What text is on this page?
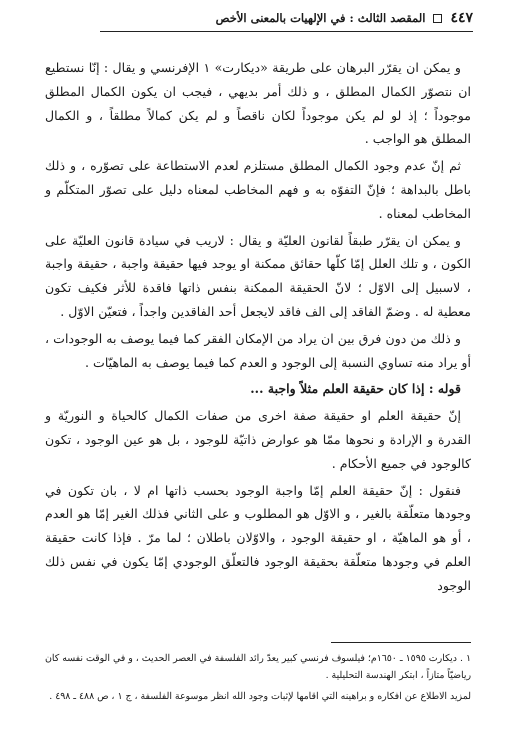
٤٤٧
المقصد الثالث : في الإلهيات بالمعنى الأخص

و يمكن ان يقرّر البرهان على طريقة «ديكارت» ١ الإفرنسي و يقال : إنّا نستطيع ان نتصوّر الكمال المطلق ، و ذلك أمر بديهي ، فيجب ان يكون الكمال المطلق موجوداً ؛ إذ لو لم يكن موجوداً لكان ناقصاً و لم يكن كمالاً مطلقاً ، و الكمال المطلق هو الواجب .

ثم إنّ عدم وجود الكمال المطلق مستلزم لعدم الاستطاعة على تصوّره ، و ذلك باطل بالبداهة ؛ فإنّ التفوّه به و فهم المخاطب لمعناه دليل على تصوّر المتكلّم و المخاطب لمعناه .

و يمكن ان يقرّر طبقاً لقانون العليّة و يقال : لاريب في سيادة قانون العليّة على الكون ، و تلك العلل إمّا كلّها حقائق ممكنة او يوجد فيها حقيقة واجبة ، حقيقة واجبة ، لاسبيل إلى الاوّل ؛ لانّ الحقيقة الممكنة بنفس ذاتها فاقدة للأثر فكيف تكون معطية له . وضمّ الفاقد إلى الف فاقد لايجعل أحد الفاقدين واجداً ، فتعيّن الاوّل .

و ذلك من دون فرق بين ان يراد من الإمكان الفقر كما فيما يوصف به الوجودات ، أو يراد منه تساوي النسبة إلى الوجود و العدم كما فيما يوصف به الماهيّات .

قوله : إذا كان حقيقة العلم مثلاً واجبة ...

إنّ حقيقة العلم او حقيقة صفة اخرى من صفات الكمال كالحياة و النوريّة و القدرة و الإرادة و نحوها ممّا هو عوارض ذاتيّة للوجود ، بل هو عين الوجود ، تكون كالوجود في جميع الأحكام .

فنقول : إنّ حقيقة العلم إمّا واجبة الوجود بحسب ذاتها ام لا ، بان تكون في وجودها متعلّقة بالغير ، و الاوّل هو المطلوب و على الثاني فذلك الغير إمّا هو العدم ، أو هو الماهيّة ، او حقيقة الوجود ، والاوّلان باطلان ؛ لما مرّ . فإذا كانت حقيقة العلم في وجودها متعلّقة بحقيقة الوجود فالتعلّق الوجودي إمّا يكون في نفس ذلك الوجود

١ . ديكارت ١٥٩٥ ـ ١٦٥٠م؛ فيلسوف فرنسي كبير يعدّ رائد الفلسفة في العصر الحديث ، و في الوقت نفسه كان رياضيّاً متازاً ، ابتكر الهندسة التحليلية .

لمزيد الاطلاع عن افكاره و براهينه التي اقامها لإثبات وجود الله انظر موسوعة الفلسفة ، ج ١ ، ص ٤٨٨ ـ ٤٩٨ .
